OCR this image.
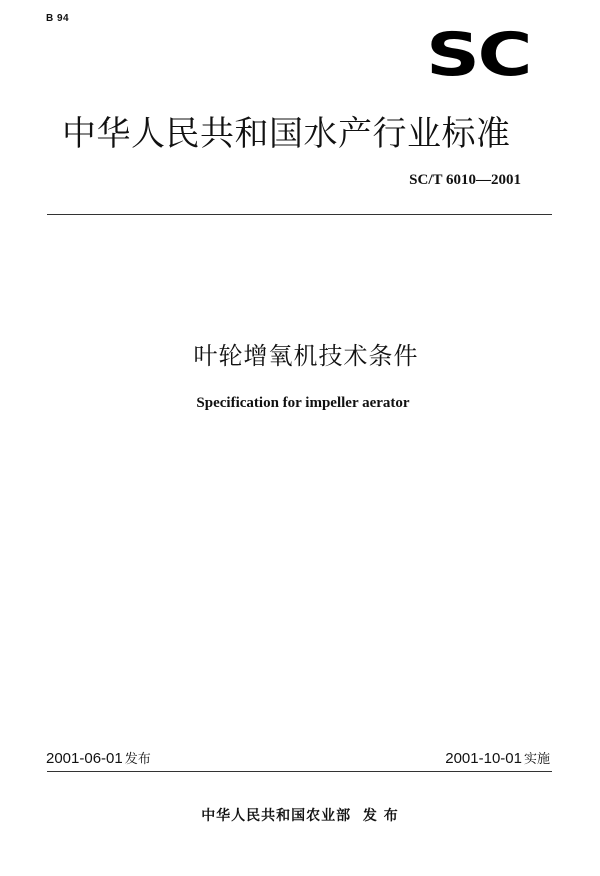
B 94
SC
中华人民共和国水产行业标准
SC/T 6010—2001
叶轮增氧机技术条件
Specification for impeller aerator
2001-06-01 发布	2001-10-01 实施
中华人民共和国农业部  发 布
